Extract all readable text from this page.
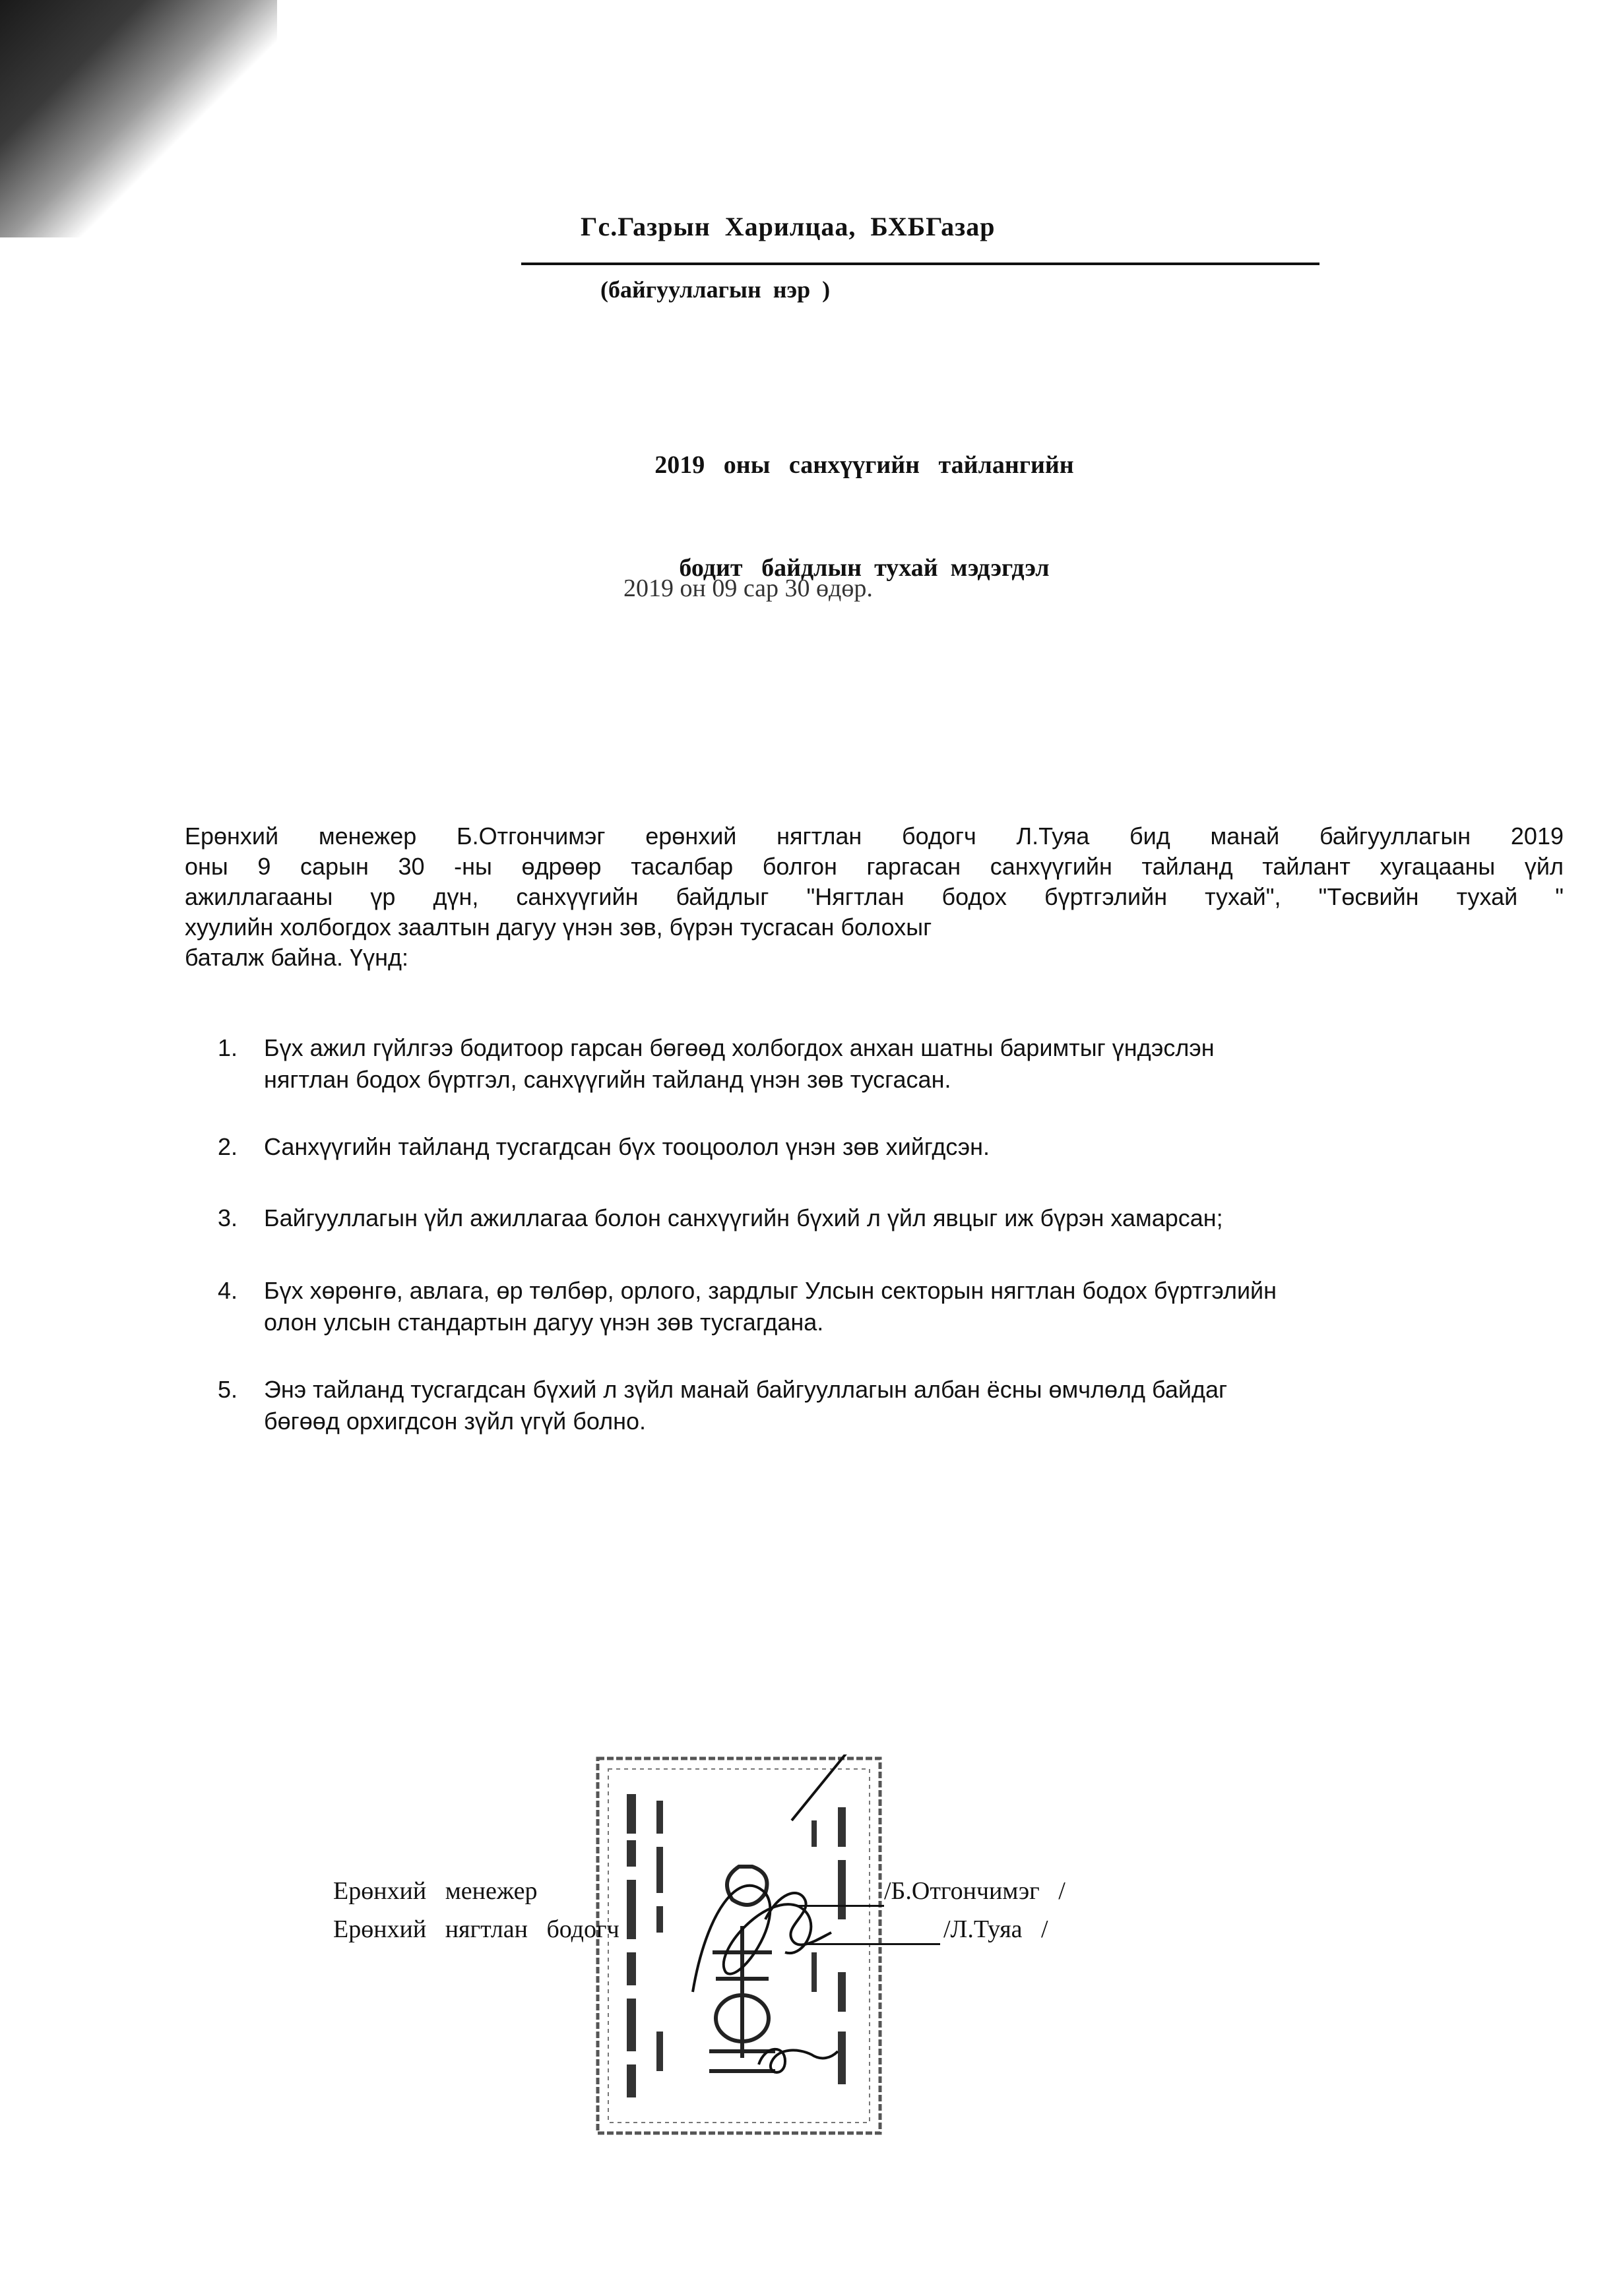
Гс.Газрын  Харилцаа,  БХБГазар
(байгууллагын  нэр  )

2019   оны   санхүүгийн   тайлангийн

бодит   байдлын  тухай  мэдэгдэл

2019 он 09 сар 30 өдөр.
Ерөнхий менежер Б.Отгончимэг ерөнхий нягтлан бодогч Л.Туяа бид манай байгууллагын 2019
оны 9 сарын 30 -ны өдрөөр тасалбар болгон гаргасан санхүүгийн тайланд тайлант хугацааны үйл
ажиллагааны үр дүн, санхүүгийн байдлыг "Нягтлан бодох бүртгэлийн тухай", "Төсвийн тухай "
хуулийн холбогдох заалтын дагуу үнэн зөв, бүрэн тусгасан болохыг
баталж байна. Үүнд:
1. Бүх ажил гүйлгээ бодитоор гарсан бөгөөд холбогдох анхан шатны баримтыг үндэслэн
нягтлан бодох бүртгэл, санхүүгийн тайланд үнэн зөв тусгасан.
2. Санхүүгийн тайланд тусгагдсан бүх тооцоолол үнэн зөв хийгдсэн.
3. Байгууллагын үйл ажиллагаа болон санхүүгийн бүхий л үйл явцыг иж бүрэн хамарсан;
4. Бүх хөрөнгө, авлага, өр төлбөр, орлого, зардлыг Улсын секторын нягтлан бодох бүртгэлийн
олон улсын стандартын дагуу үнэн зөв тусгагдана.
5. Энэ тайланд тусгагдсан бүхий л зүйл манай байгууллагын албан ёсны өмчлөлд байдаг
бөгөөд орхигдсон зүйл үгүй болно.
Ерөнхий   менежер	/Б.Отгончимэг   /
Ерөнхий   нягтлан   бодогч	/Л.Туяа   /
